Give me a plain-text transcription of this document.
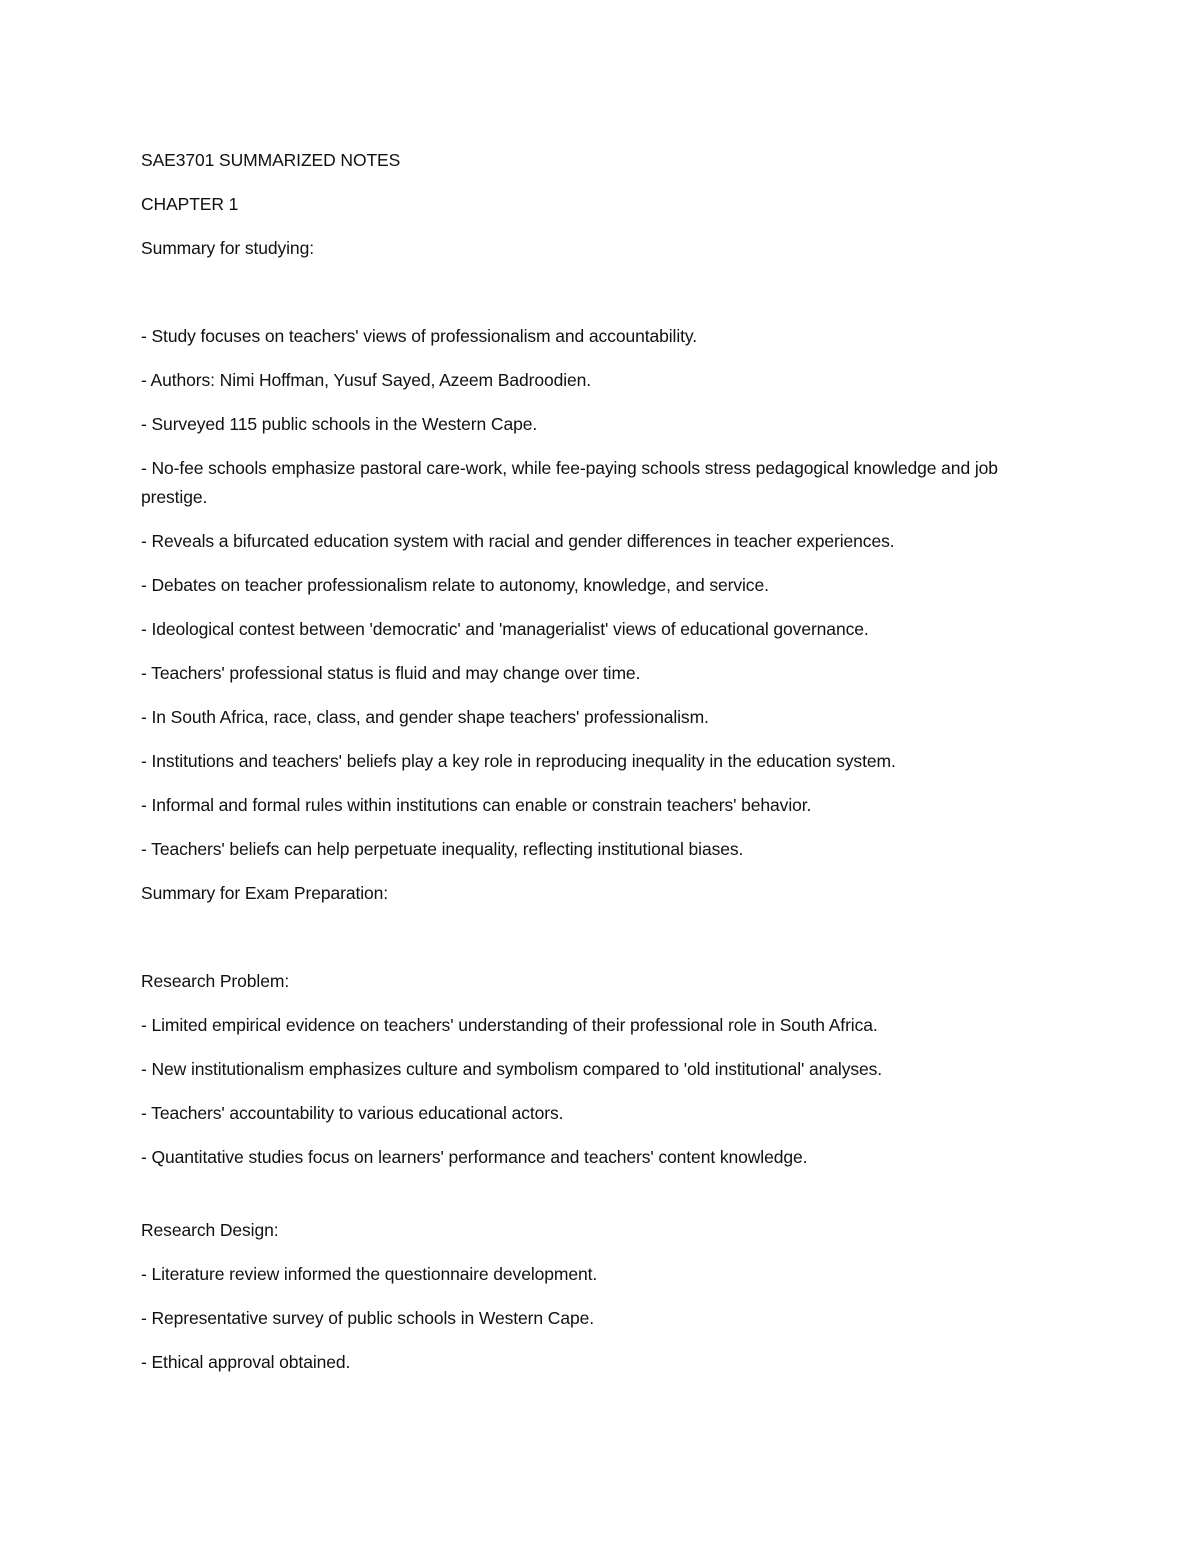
SAE3701 SUMMARIZED NOTES

CHAPTER 1

Summary for studying:

- Study focuses on teachers' views of professionalism and accountability.

- Authors: Nimi Hoffman, Yusuf Sayed, Azeem Badroodien.

- Surveyed 115 public schools in the Western Cape.

- No-fee schools emphasize pastoral care-work, while fee-paying schools stress pedagogical knowledge and job prestige.

- Reveals a bifurcated education system with racial and gender differences in teacher experiences.

- Debates on teacher professionalism relate to autonomy, knowledge, and service.

- Ideological contest between 'democratic' and 'managerialist' views of educational governance.

- Teachers' professional status is fluid and may change over time.

- In South Africa, race, class, and gender shape teachers' professionalism.

- Institutions and teachers' beliefs play a key role in reproducing inequality in the education system.

- Informal and formal rules within institutions can enable or constrain teachers' behavior.

- Teachers' beliefs can help perpetuate inequality, reflecting institutional biases.

Summary for Exam Preparation:

Research Problem:

- Limited empirical evidence on teachers' understanding of their professional role in South Africa.

- New institutionalism emphasizes culture and symbolism compared to 'old institutional' analyses.

- Teachers' accountability to various educational actors.

- Quantitative studies focus on learners' performance and teachers' content knowledge.

Research Design:

- Literature review informed the questionnaire development.

- Representative survey of public schools in Western Cape.

- Ethical approval obtained.
